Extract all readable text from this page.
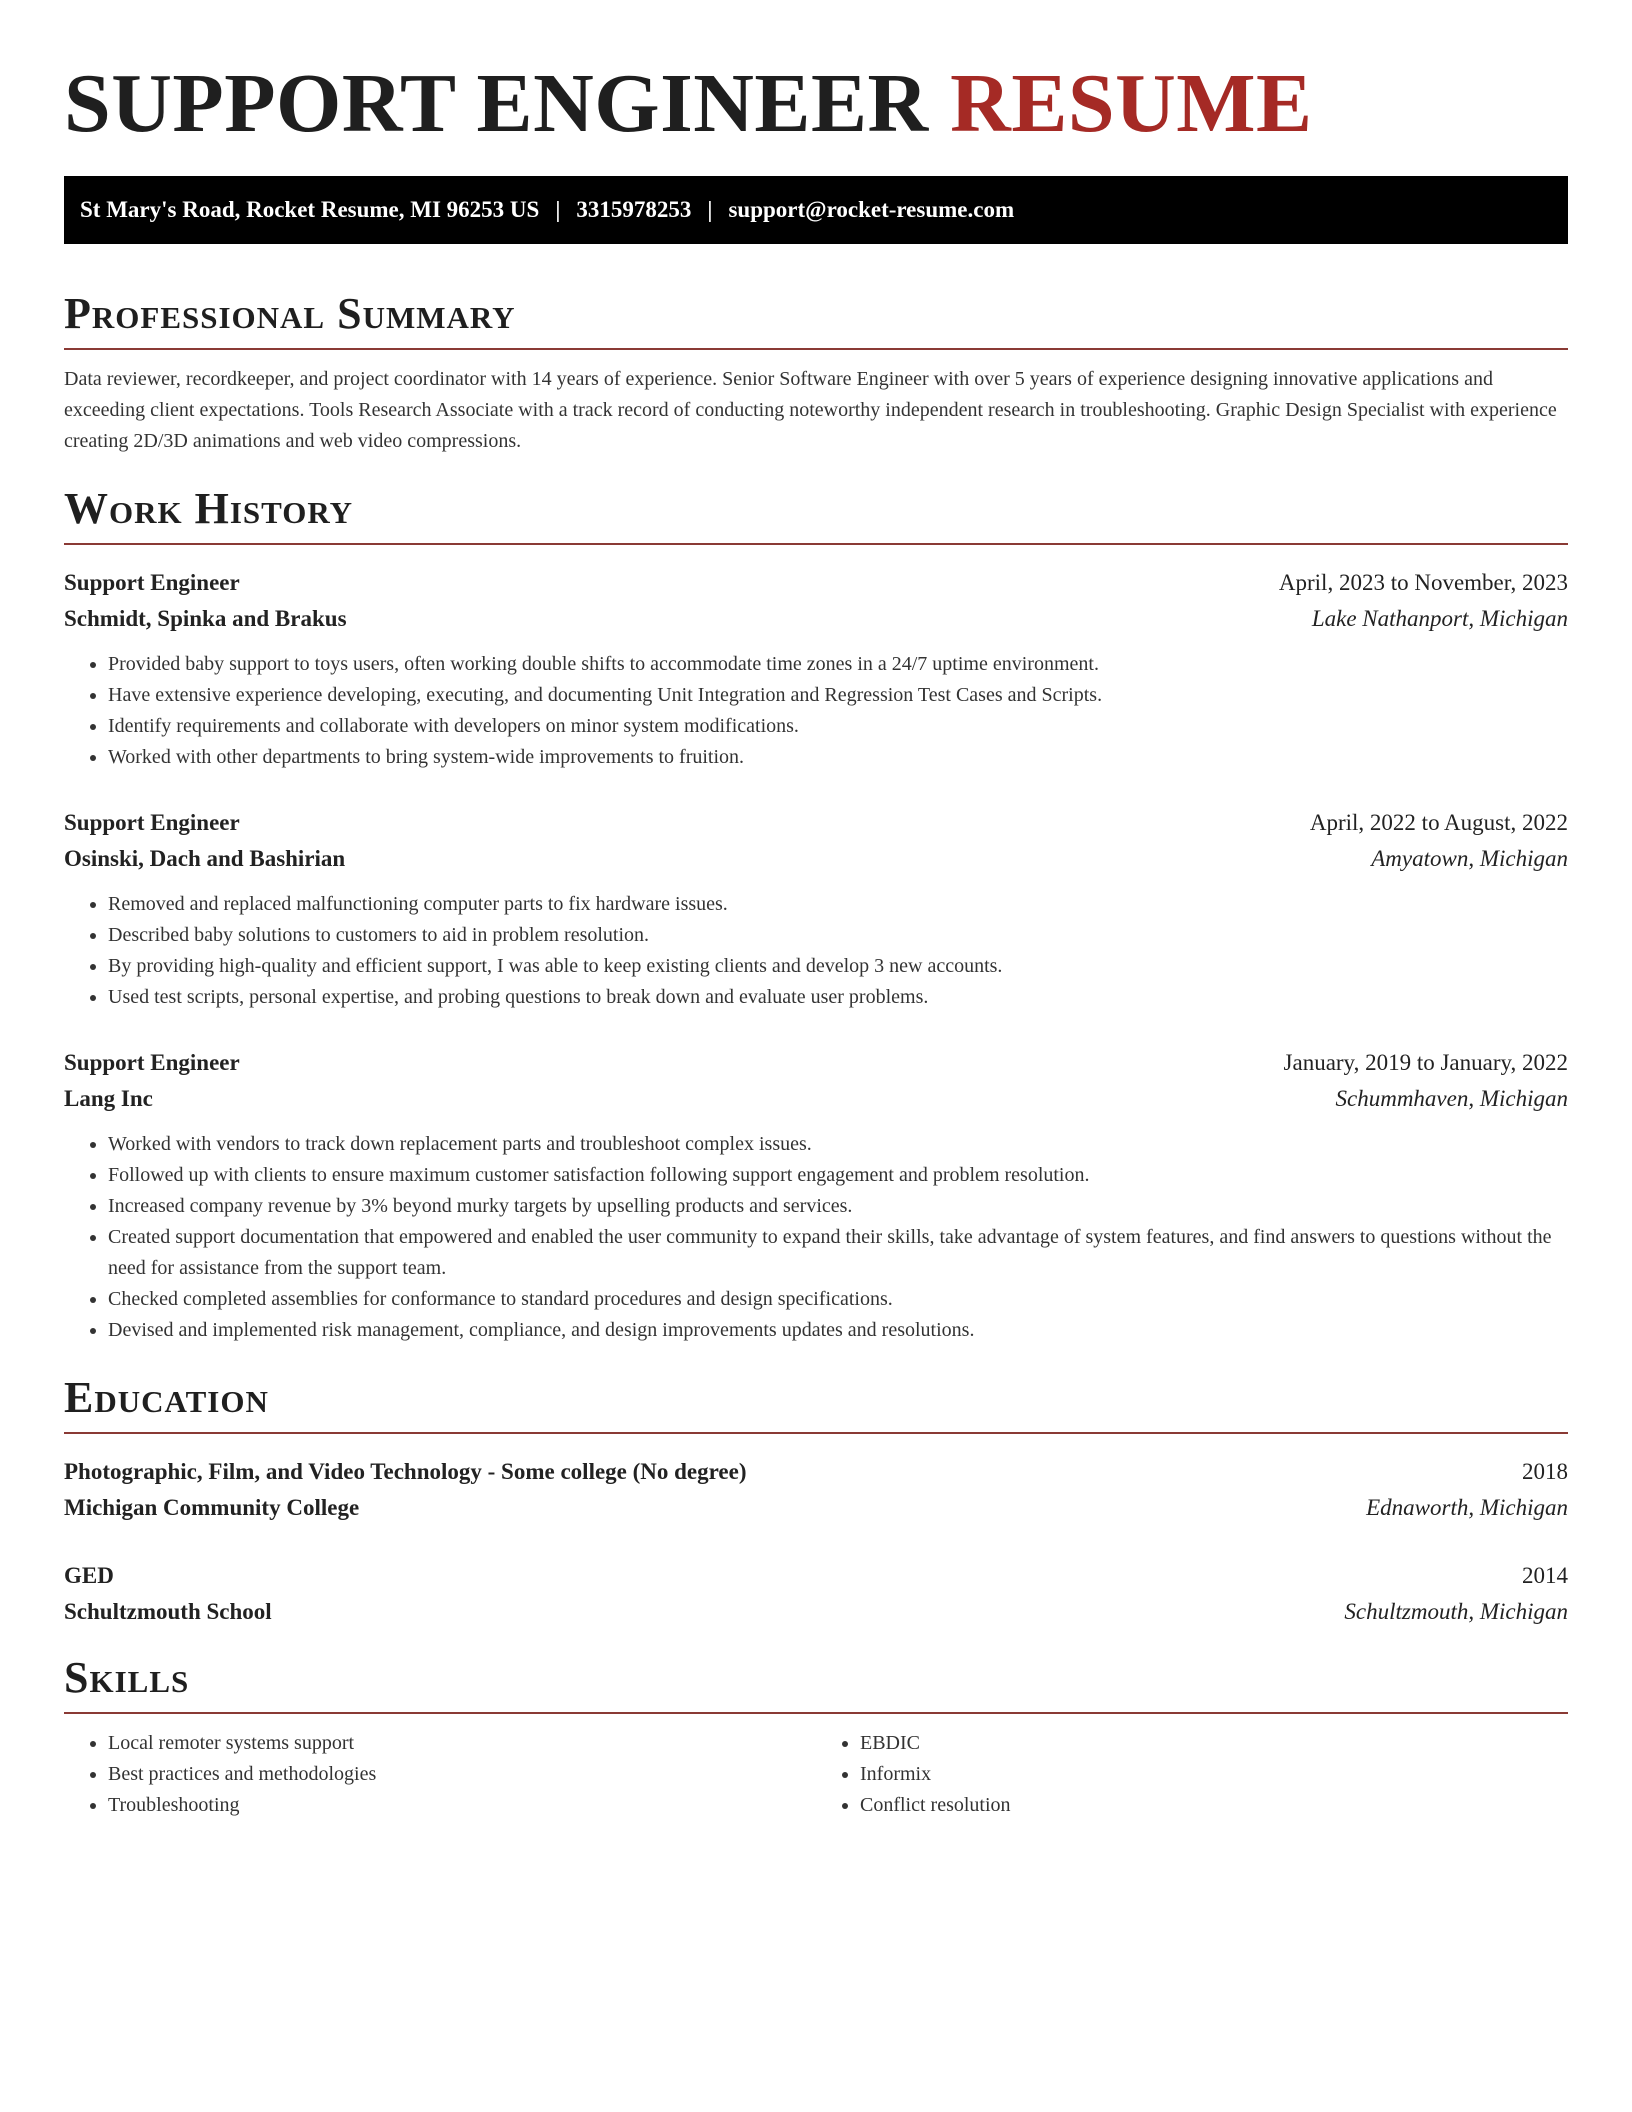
SUPPORT ENGINEER RESUME
St Mary's Road, Rocket Resume, MI 96253 US | 3315978253 | support@rocket-resume.com
Professional Summary

Data reviewer, recordkeeper, and project coordinator with 14 years of experience. Senior Software Engineer with over 5 years of experience designing innovative applications and exceeding client expectations. Tools Research Associate with a track record of conducting noteworthy independent research in troubleshooting. Graphic Design Specialist with experience creating 2D/3D animations and web video compressions.

Work History
Support Engineer	April, 2023 to November, 2023
Schmidt, Spinka and Brakus	Lake Nathanport, Michigan
• Provided baby support to toys users, often working double shifts to accommodate time zones in a 24/7 uptime environment.
• Have extensive experience developing, executing, and documenting Unit Integration and Regression Test Cases and Scripts.
• Identify requirements and collaborate with developers on minor system modifications.
• Worked with other departments to bring system-wide improvements to fruition.
Support Engineer	April, 2022 to August, 2022
Osinski, Dach and Bashirian	Amyatown, Michigan
• Removed and replaced malfunctioning computer parts to fix hardware issues.
• Described baby solutions to customers to aid in problem resolution.
• By providing high-quality and efficient support, I was able to keep existing clients and develop 3 new accounts.
• Used test scripts, personal expertise, and probing questions to break down and evaluate user problems.
Support Engineer	January, 2019 to January, 2022
Lang Inc	Schummhaven, Michigan
• Worked with vendors to track down replacement parts and troubleshoot complex issues.
• Followed up with clients to ensure maximum customer satisfaction following support engagement and problem resolution.
• Increased company revenue by 3% beyond murky targets by upselling products and services.
• Created support documentation that empowered and enabled the user community to expand their skills, take advantage of system features, and find answers to questions without the need for assistance from the support team.
• Checked completed assemblies for conformance to standard procedures and design specifications.
• Devised and implemented risk management, compliance, and design improvements updates and resolutions.
Education
Photographic, Film, and Video Technology - Some college (No degree)	2018
Michigan Community College	Ednaworth, Michigan
GED	2014
Schultzmouth School	Schultzmouth, Michigan
Skills
• Local remoter systems support
• Best practices and methodologies
• Troubleshooting
• EBDIC
• Informix
• Conflict resolution
